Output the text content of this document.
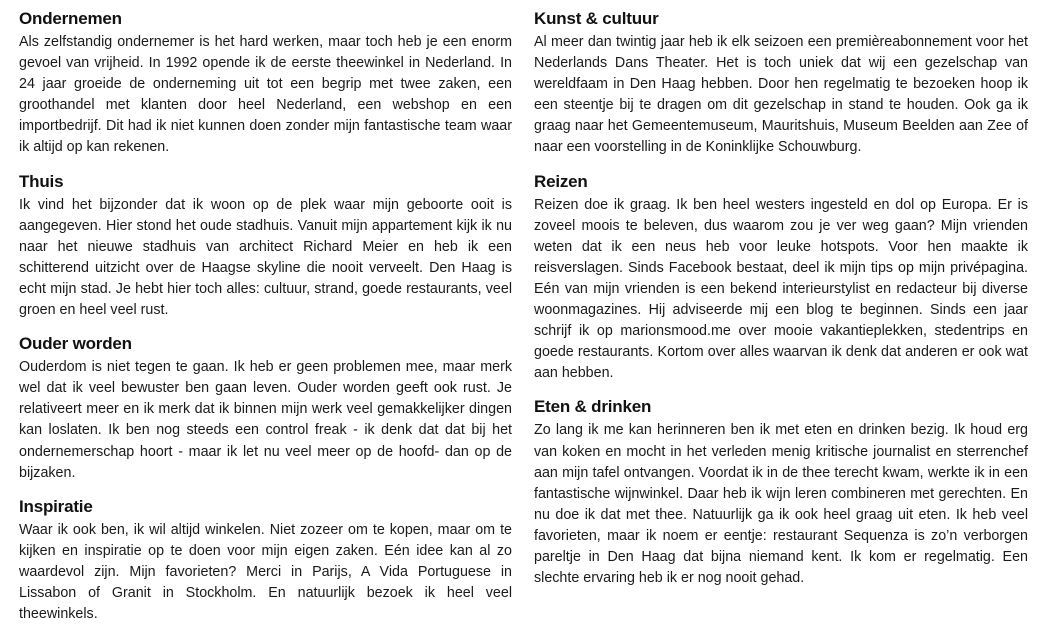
Ondernemen

Als zelfstandig ondernemer is het hard werken, maar toch heb je een enorm gevoel van vrijheid. In 1992 opende ik de eerste theewinkel in Nederland. In 24 jaar groeide de onderneming uit tot een begrip met twee zaken, een groothandel met klanten door heel Nederland, een webshop en een importbedrijf. Dit had ik niet kunnen doen zonder mijn fantastische team waar ik altijd op kan rekenen.

Thuis

Ik vind het bijzonder dat ik woon op de plek waar mijn geboorte ooit is aangegeven. Hier stond het oude stadhuis. Vanuit mijn appartement kijk ik nu naar het nieuwe stadhuis van architect Richard Meier en heb ik een schitterend uitzicht over de Haagse skyline die nooit verveelt. Den Haag is echt mijn stad. Je hebt hier toch alles: cultuur, strand, goede restaurants, veel groen en heel veel rust.

Ouder worden

Ouderdom is niet tegen te gaan. Ik heb er geen problemen mee, maar merk wel dat ik veel bewuster ben gaan leven. Ouder worden geeft ook rust. Je relativeert meer en ik merk dat ik binnen mijn werk veel gemakkelijker dingen kan loslaten. Ik ben nog steeds een control freak - ik denk dat dat bij het ondernemerschap hoort - maar ik let nu veel meer op de hoofd- dan op de bijzaken.

Inspiratie

Waar ik ook ben, ik wil altijd winkelen. Niet zozeer om te kopen, maar om te kijken en inspiratie op te doen voor mijn eigen zaken. Eén idee kan al zo waardevol zijn. Mijn favorieten? Merci in Parijs, A Vida Portuguese in Lissabon of Granit in Stockholm. En natuurlijk bezoek ik heel veel theewinkels.

Kunst & cultuur

Al meer dan twintig jaar heb ik elk seizoen een premièreabonnement voor het Nederlands Dans Theater. Het is toch uniek dat wij een gezelschap van wereldfaam in Den Haag hebben. Door hen regelmatig te bezoeken hoop ik een steentje bij te dragen om dit gezelschap in stand te houden. Ook ga ik graag naar het Gemeentemuseum, Mauritshuis, Museum Beelden aan Zee of naar een voorstelling in de Koninklijke Schouwburg.

Reizen

Reizen doe ik graag. Ik ben heel westers ingesteld en dol op Europa. Er is zoveel moois te beleven, dus waarom zou je ver weg gaan? Mijn vrienden weten dat ik een neus heb voor leuke hotspots. Voor hen maakte ik reisverslagen. Sinds Facebook bestaat, deel ik mijn tips op mijn privépagina. Eén van mijn vrienden is een bekend interieurstylist en redacteur bij diverse woonmagazines. Hij adviseerde mij een blog te beginnen. Sinds een jaar schrijf ik op marionsmood.me over mooie vakantieplekken, stedentrips en goede restaurants. Kortom over alles waarvan ik denk dat anderen er ook wat aan hebben.

Eten & drinken

Zo lang ik me kan herinneren ben ik met eten en drinken bezig. Ik houd erg van koken en mocht in het verleden menig kritische journalist en sterrenchef aan mijn tafel ontvangen. Voordat ik in de thee terecht kwam, werkte ik in een fantastische wijnwinkel. Daar heb ik wijn leren combineren met gerechten. En nu doe ik dat met thee. Natuurlijk ga ik ook heel graag uit eten. Ik heb veel favorieten, maar ik noem er eentje: restaurant Sequenza is zo’n verborgen pareltje in Den Haag dat bijna niemand kent. Ik kom er regelmatig. Een slechte ervaring heb ik er nog nooit gehad.
